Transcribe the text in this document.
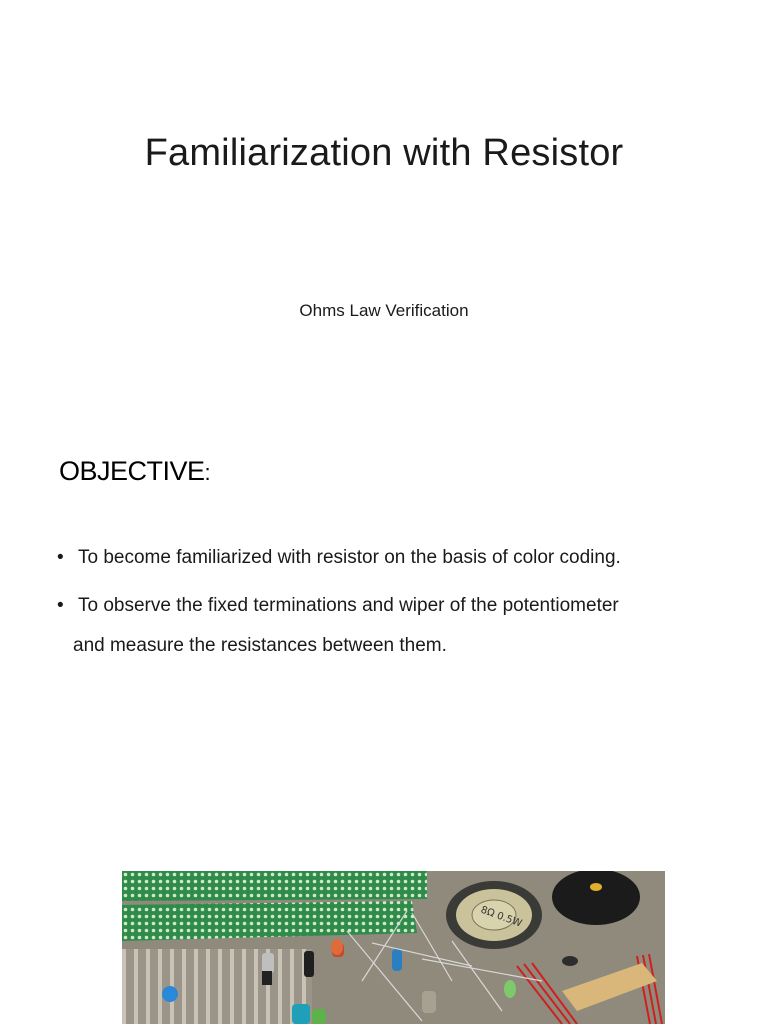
Familiarization with Resistor
Ohms Law Verification
OBJECTIVE:
• To become familiarized with resistor on the basis of color coding.
• To observe the fixed terminations and wiper of the potentiometer
and measure the resistances between them.
8Ω 0.5W
